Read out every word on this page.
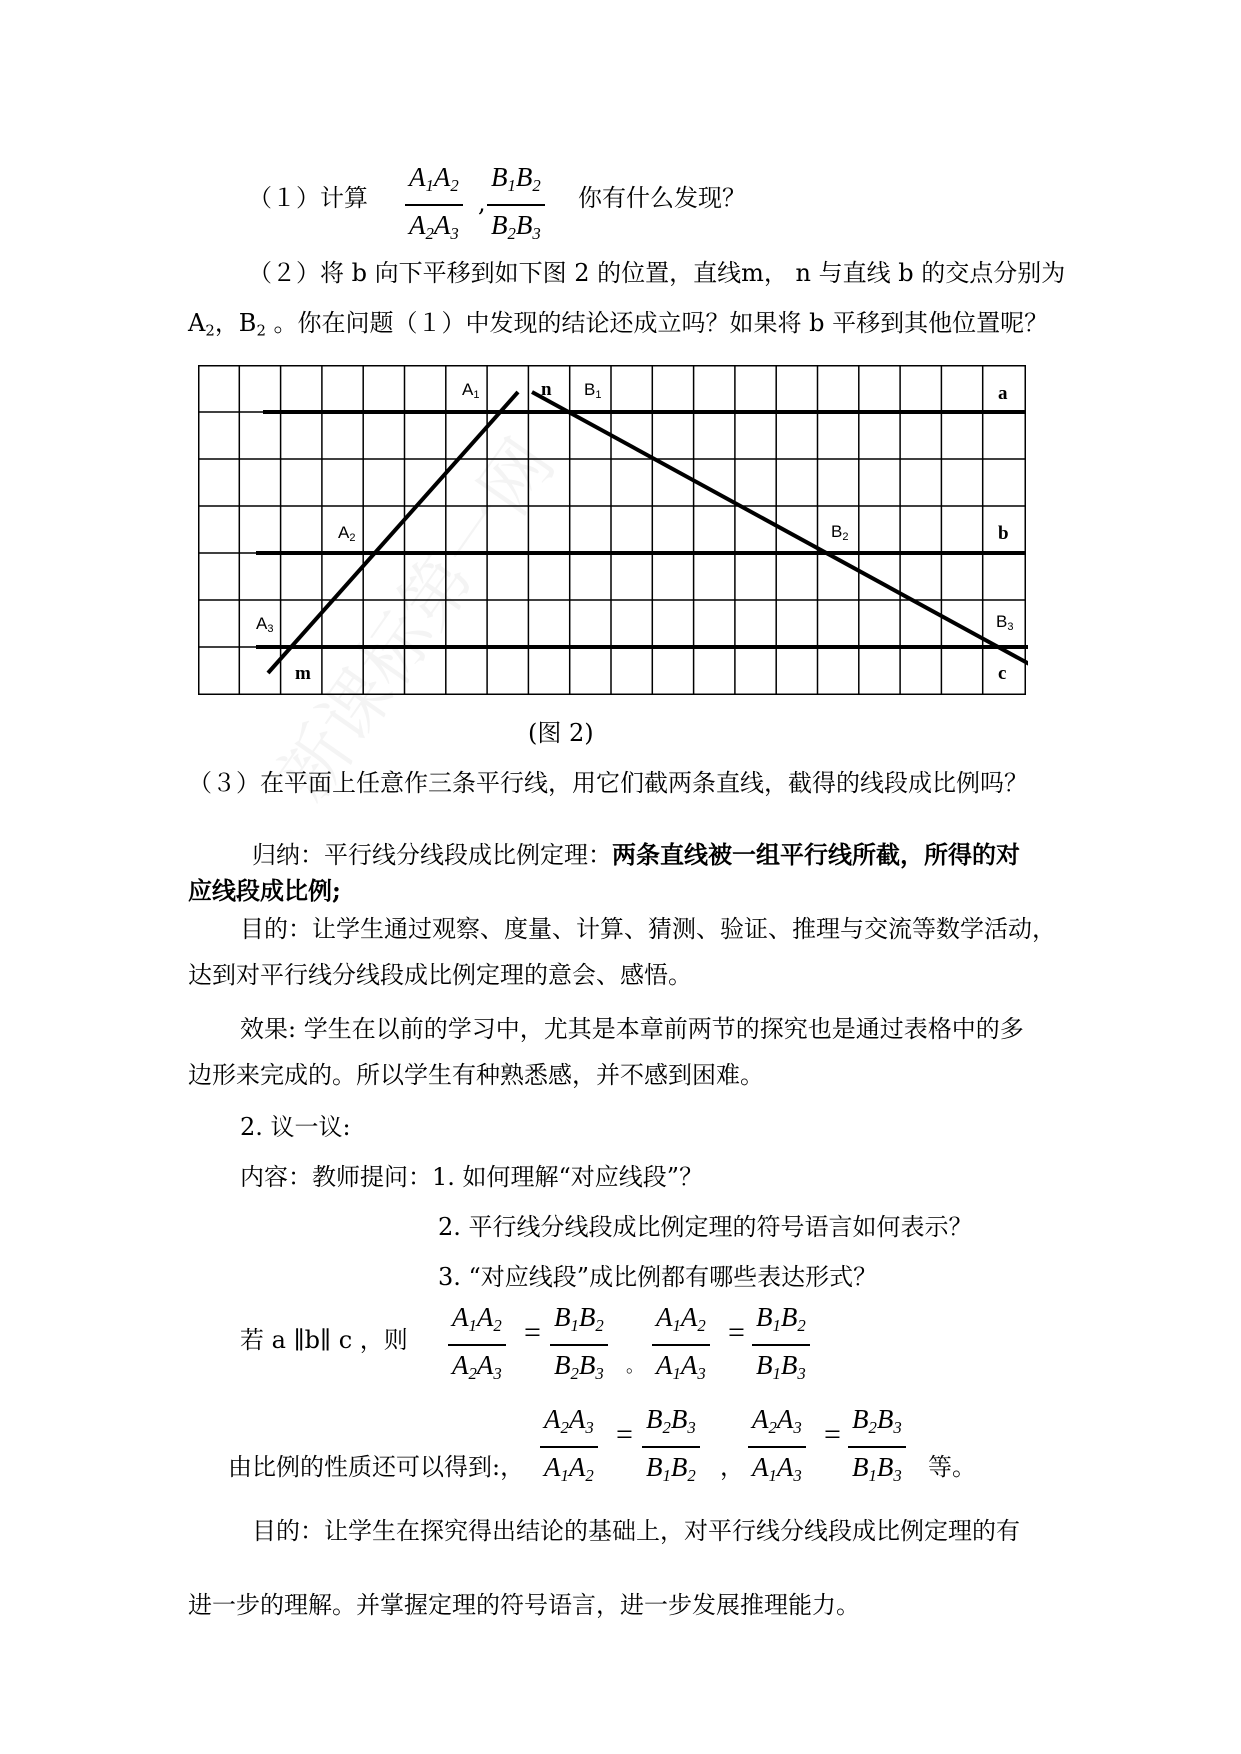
（１）计算 $\frac{A_1A_2}{A_2A_3}$ , $\frac{B_1B_2}{B_2B_3}$ 你有什么发现？
（２）将 b 向下平移到如下图 2 的位置，直线m， n 与直线 b 的交点分别为
$A_2$，$B_2$ 。你在问题（１）中发现的结论还成立吗？如果将 b 平移到其他位置呢？
A1	n B1	a
A2	B2	b
A3	B3
m	c
(图 2)
（３）在平面上任意作三条平行线，用它们截两条直线，截得的线段成比例吗？
归纳：平行线分线段成比例定理：两条直线被一组平行线所截，所得的对
应线段成比例;
目的：让学生通过观察、度量、计算、猜测、验证、推理与交流等数学活动，
达到对平行线分线段成比例定理的意会、感悟。
效果: 学生在以前的学习中，尤其是本章前两节的探究也是通过表格中的多
边形来完成的。所以学生有种熟悉感，并不感到困难。
2. 议一议:
内容：教师提问：1. 如何理解“对应线段”？
2. 平行线分线段成比例定理的符号语言如何表示？
3. “对应线段”成比例都有哪些表达形式？
若 a ∥b∥ c ，则 $\frac{A_1A_2}{A_2A_3} = \frac{B_1B_2}{B_2B_3}$ 。 $\frac{A_1A_2}{A_1A_3} = \frac{B_1B_2}{B_1B_3}$
由比例的性质还可以得到:， $\frac{A_2A_3}{A_1A_2} = \frac{B_2B_3}{B_1B_2}$ ， $\frac{A_2A_3}{A_1A_3} = \frac{B_2B_3}{B_1B_3}$ 等。
目的：让学生在探究得出结论的基础上，对平行线分线段成比例定理的有
进一步的理解。并掌握定理的符号语言，进一步发展推理能力。
